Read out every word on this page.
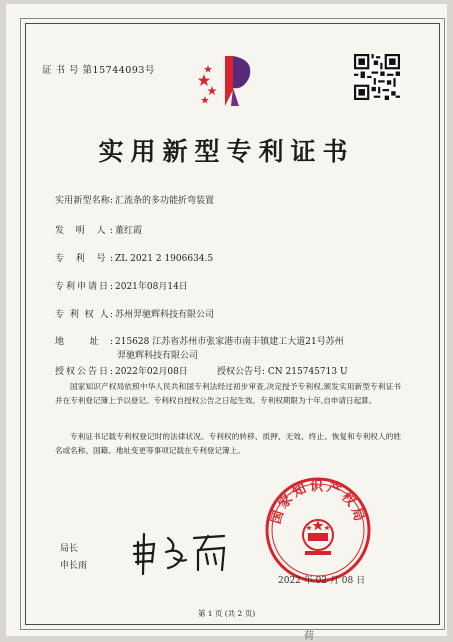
证 书 号 第15744093号
实用新型专利证书
实用新型名称: 汇流条的多功能折弯装置
发 明 人: 董红霞
专 利 号: ZL 2021 2 1906634.5
专利申请日: 2021年08月14日
专 利 权 人: 苏州羿驰辉科技有限公司
地 址: 215628 江苏省苏州市张家港市南丰镇建工大道21号苏州
羿驰辉科技有限公司
授权公告日: 2022年02月08日	授权公告号: CN 215745713 U
国家知识产权局依照中华人民共和国专利法经过初步审查,决定授予专利权,颁发实用新型专利证书并在专利登记簿上予以登记。专利权自授权公告之日起生效。专利权期限为十年,自申请日起算。
专利证书记载专利权登记时的法律状况。专利权的转移、质押、无效、终止、恢复和专利权人的姓名或名称、国籍、地址变更等事项记载在专利登记簿上。
局长
申长雨
国家知识产权局
2022 年 02 月 08 日
第 1 页 (共 2 页)
荷
